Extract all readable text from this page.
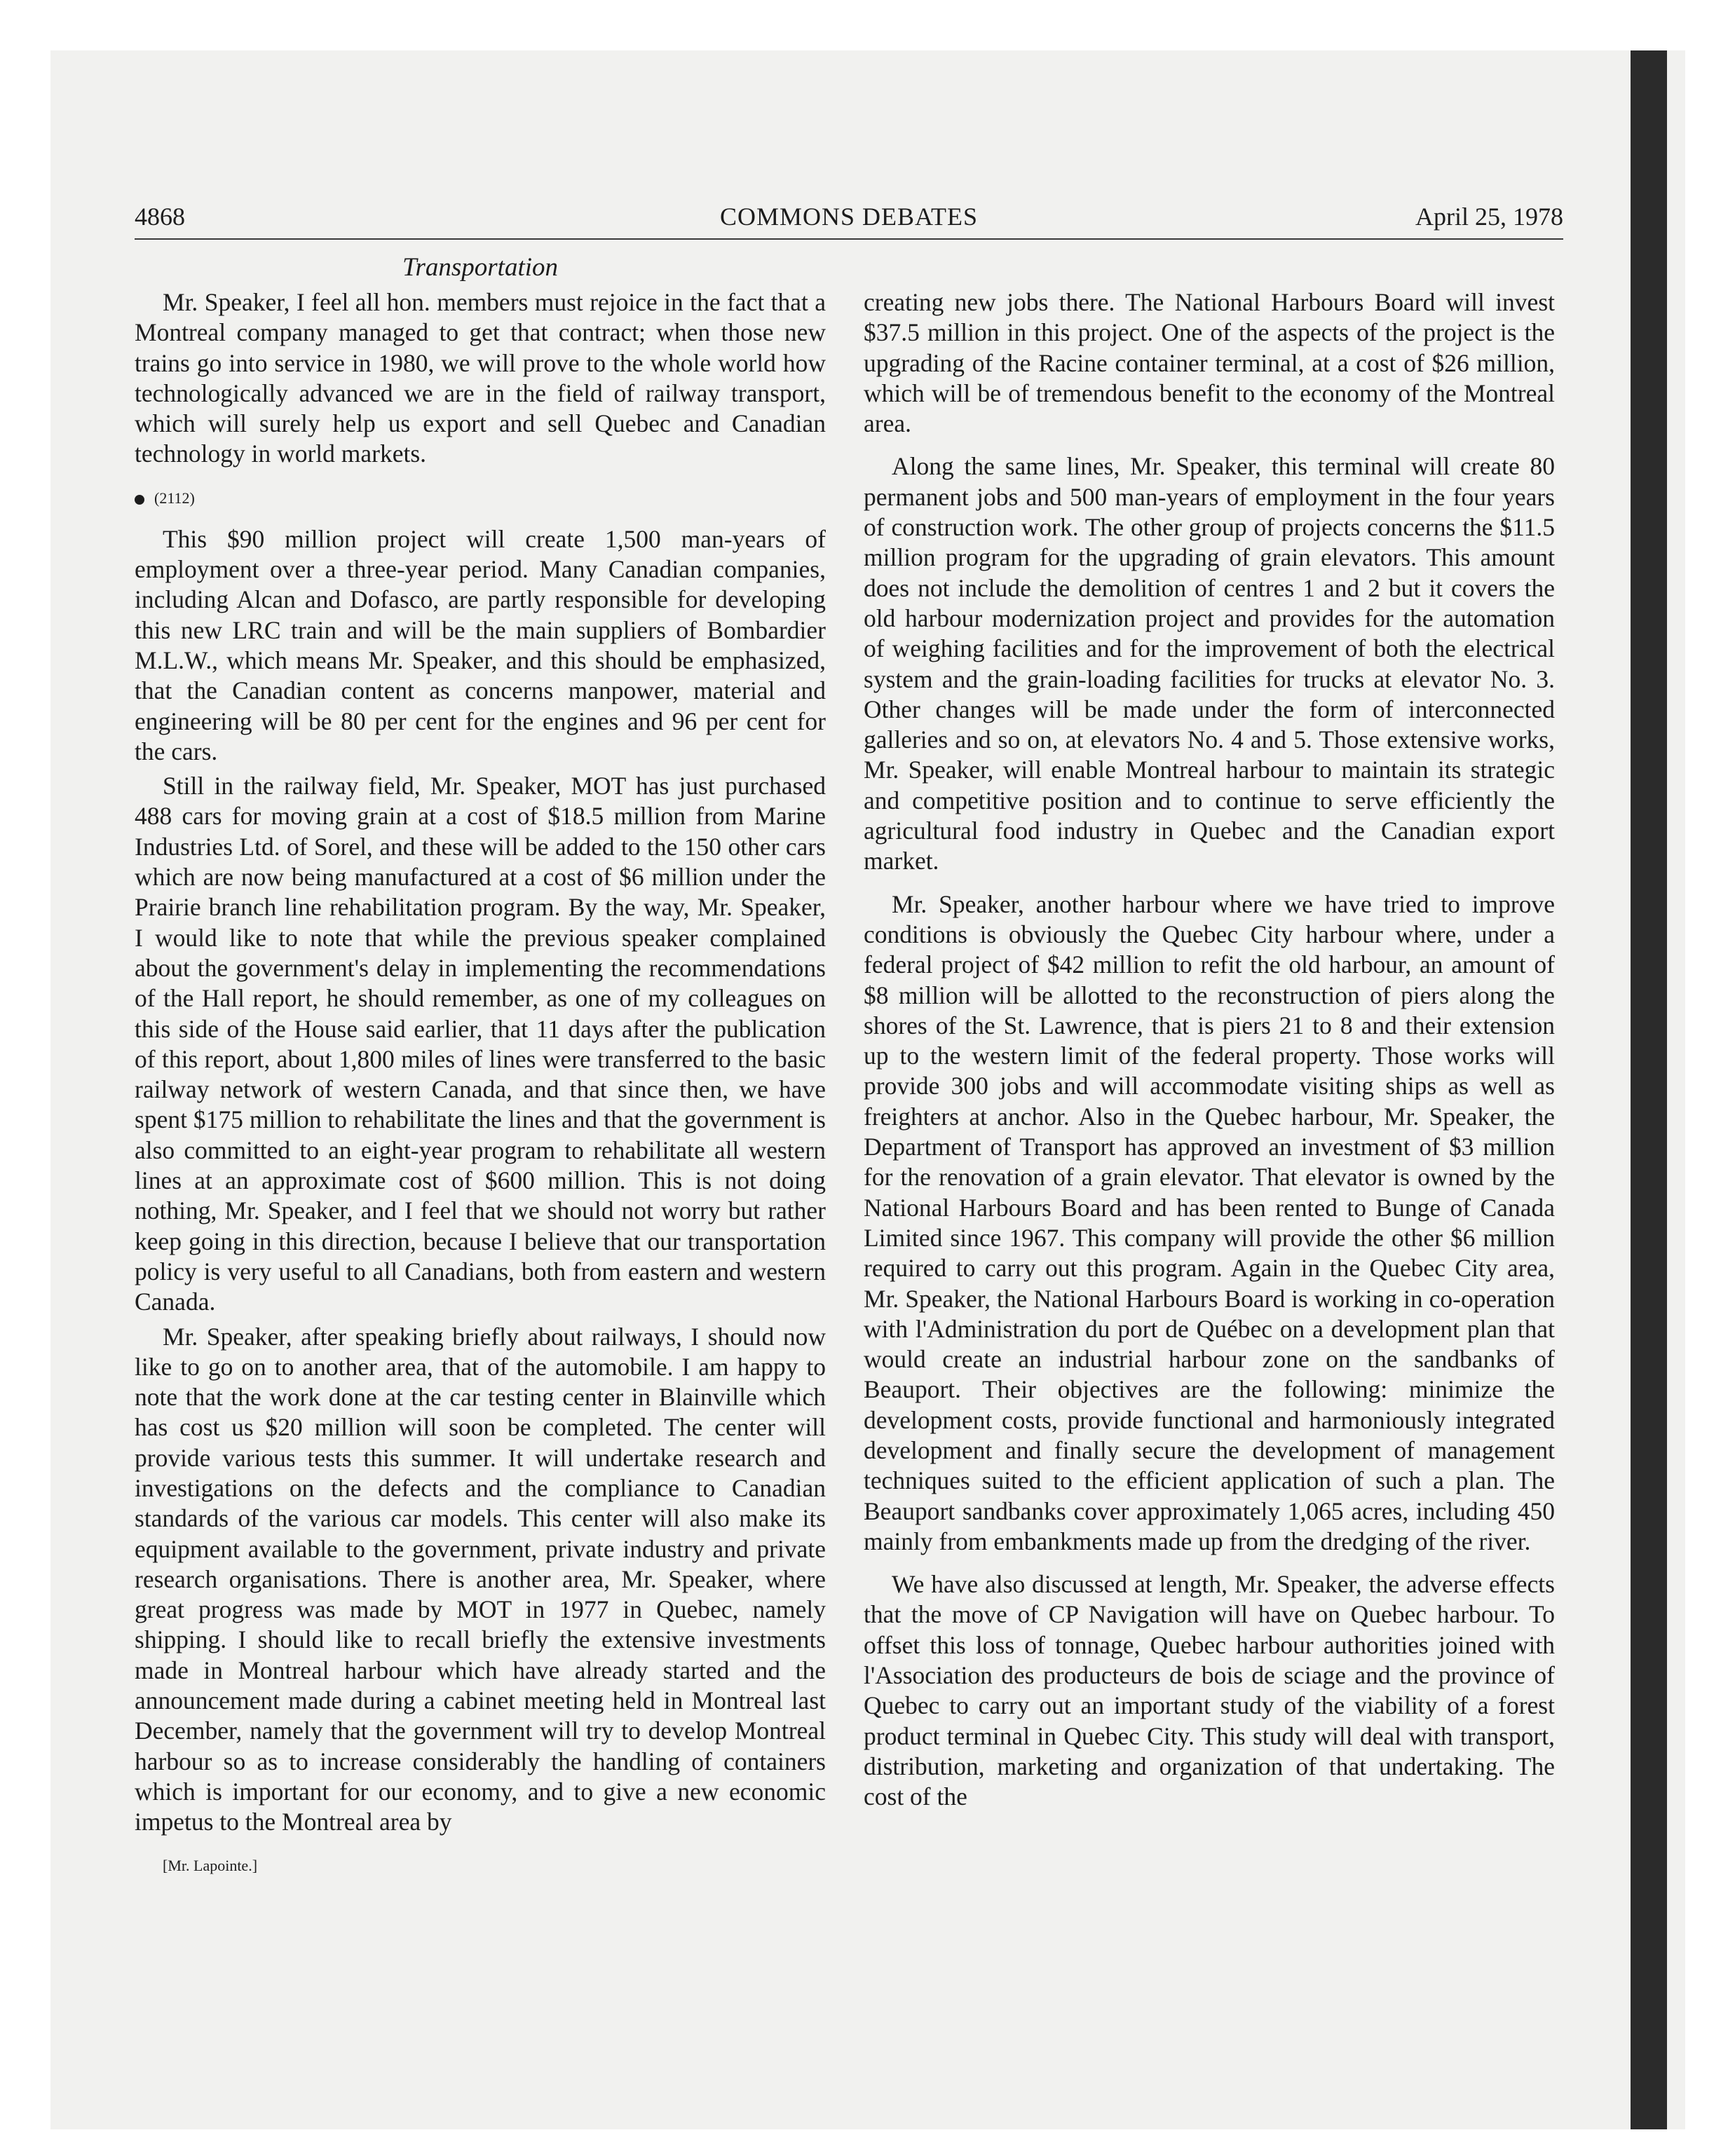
4868	COMMONS DEBATES	April 25, 1978
Transportation

Mr. Speaker, I feel all hon. members must rejoice in the fact that a Montreal company managed to get that contract; when those new trains go into service in 1980, we will prove to the whole world how technologically advanced we are in the field of railway transport, which will surely help us export and sell Quebec and Canadian technology in world markets.

(2112)

This $90 million project will create 1,500 man-years of employment over a three-year period. Many Canadian companies, including Alcan and Dofasco, are partly responsible for developing this new LRC train and will be the main suppliers of Bombardier M.L.W., which means Mr. Speaker, and this should be emphasized, that the Canadian content as concerns manpower, material and engineering will be 80 per cent for the engines and 96 per cent for the cars.

Still in the railway field, Mr. Speaker, MOT has just purchased 488 cars for moving grain at a cost of $18.5 million from Marine Industries Ltd. of Sorel, and these will be added to the 150 other cars which are now being manufactured at a cost of $6 million under the Prairie branch line rehabilitation program. By the way, Mr. Speaker, I would like to note that while the previous speaker complained about the government's delay in implementing the recommendations of the Hall report, he should remember, as one of my colleagues on this side of the House said earlier, that 11 days after the publication of this report, about 1,800 miles of lines were transferred to the basic railway network of western Canada, and that since then, we have spent $175 million to rehabilitate the lines and that the government is also committed to an eight-year program to rehabilitate all western lines at an approximate cost of $600 million. This is not doing nothing, Mr. Speaker, and I feel that we should not worry but rather keep going in this direction, because I believe that our transportation policy is very useful to all Canadians, both from eastern and western Canada.

Mr. Speaker, after speaking briefly about railways, I should now like to go on to another area, that of the automobile. I am happy to note that the work done at the car testing center in Blainville which has cost us $20 million will soon be completed. The center will provide various tests this summer. It will undertake research and investigations on the defects and the compliance to Canadian standards of the various car models. This center will also make its equipment available to the government, private industry and private research organisations. There is another area, Mr. Speaker, where great progress was made by MOT in 1977 in Quebec, namely shipping. I should like to recall briefly the extensive investments made in Montreal harbour which have already started and the announcement made during a cabinet meeting held in Montreal last December, namely that the government will try to develop Montreal harbour so as to increase considerably the handling of containers which is important for our economy, and to give a new economic impetus to the Montreal area by

[Mr. Lapointe.]

creating new jobs there. The National Harbours Board will invest $37.5 million in this project. One of the aspects of the project is the upgrading of the Racine container terminal, at a cost of $26 million, which will be of tremendous benefit to the economy of the Montreal area.

Along the same lines, Mr. Speaker, this terminal will create 80 permanent jobs and 500 man-years of employment in the four years of construction work. The other group of projects concerns the $11.5 million program for the upgrading of grain elevators. This amount does not include the demolition of centres 1 and 2 but it covers the old harbour modernization project and provides for the automation of weighing facilities and for the improvement of both the electrical system and the grain-loading facilities for trucks at elevator No. 3. Other changes will be made under the form of interconnected galleries and so on, at elevators No. 4 and 5. Those extensive works, Mr. Speaker, will enable Montreal harbour to maintain its strategic and competitive position and to continue to serve efficiently the agricultural food industry in Quebec and the Canadian export market.

Mr. Speaker, another harbour where we have tried to improve conditions is obviously the Quebec City harbour where, under a federal project of $42 million to refit the old harbour, an amount of $8 million will be allotted to the reconstruction of piers along the shores of the St. Lawrence, that is piers 21 to 8 and their extension up to the western limit of the federal property. Those works will provide 300 jobs and will accommodate visiting ships as well as freighters at anchor. Also in the Quebec harbour, Mr. Speaker, the Department of Transport has approved an investment of $3 million for the renovation of a grain elevator. That elevator is owned by the National Harbours Board and has been rented to Bunge of Canada Limited since 1967. This company will provide the other $6 million required to carry out this program. Again in the Quebec City area, Mr. Speaker, the National Harbours Board is working in co-operation with l'Administration du port de Québec on a development plan that would create an industrial harbour zone on the sandbanks of Beauport. Their objectives are the following: minimize the development costs, provide functional and harmoniously integrated development and finally secure the development of management techniques suited to the efficient application of such a plan. The Beauport sandbanks cover approximately 1,065 acres, including 450 mainly from embankments made up from the dredging of the river.

We have also discussed at length, Mr. Speaker, the adverse effects that the move of CP Navigation will have on Quebec harbour. To offset this loss of tonnage, Quebec harbour authorities joined with l'Association des producteurs de bois de sciage and the province of Quebec to carry out an important study of the viability of a forest product terminal in Quebec City. This study will deal with transport, distribution, marketing and organization of that undertaking. The cost of the
